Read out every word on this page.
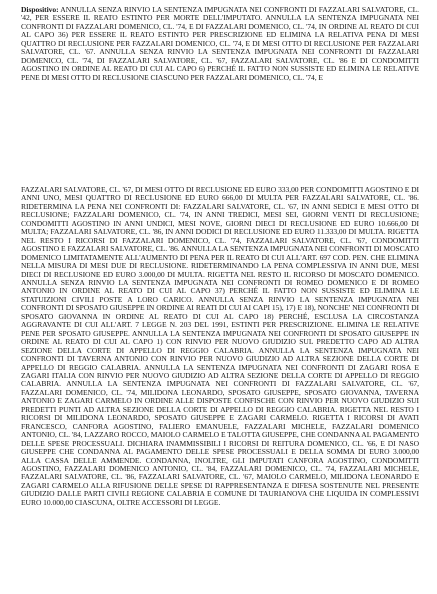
Dispositivo: ANNULLA SENZA RINVIO LA SENTENZA IMPUGNATA NEI CONFRONTI DI FAZZALARI SALVATORE, CL. '42, PER ESSERE IL REATO ESTINTO PER MORTE DELL'IMPUTATO. ANNULLA LA SENTENZA IMPUGNATA NEI CONFRONTI DI FAZZALARI DOMENICO, CL. '74, E DI FAZZALARI DOMENICO, CL. '74, IN ORDINE AL REATO DI CUI AL CAPO 36) PER ESSERE IL REATO ESTINTO PER PRESCRIZIONE ED ELIMINA LA RELATIVA PENA DI MESI QUATTRO DI RECLUSIONE PER FAZZALARI DOMENICO, CL. '74, E DI MESI OTTO DI RECLUSIONE PER FAZZALARI SALVATORE, CL. '67. ANNULLA SENZA RINVIO LA SENTENZA IMPUGNATA NEI CONFRONTI DI FAZZALARI DOMENICO, CL. '74, DI FAZZALARI SALVATORE, CL. '67, FAZZALARI SALVATORE, CL. '86 E DI CONDOMITTI AGOSTINO IN ORDINE AL REATO DI CUI AL CAPO 6) PERCHÉ IL FATTO NON SUSSISTE ED ELIMINA LE RELATIVE PENE DI MESI OTTO DI RECLUSIONE CIASCUNO PER FAZZALARI DOMENICO, CL. '74, E
FAZZALARI SALVATORE, CL. '67, DI MESI OTTO DI RECLUSIONE ED EURO 333,00 PER CONDOMITTI AGOSTINO E DI ANNI UNO, MESI QUATTRO DI RECLUSIONE ED EURO 666,00 DI MULTA PER FAZZALARI SALVATORE, CL. '86. RIDETERMINA LA PENA NEI CONFRONTI DI: FAZZALARI SALVATORE, CL. '67, IN ANNI SEDICI E MESI OTTO DI RECLUSIONE; FAZZALARI DOMENICO, CL. '74, IN ANNI TREDICI, MESI SEI, GIORNI VENTI DI RECLUSIONE; CONDOMITTI AGOSTINO IN ANNI UNDICI, MESI NOVE, GIORNI DIECI DI RECLUSIONE ED EURO 10.666,00 DI MULTA; FAZZALARI SALVATORE, CL. '86, IN ANNI DODICI DI RECLUSIONE ED EURO 11.333,00 DI MULTA. RIGETTA NEL RESTO I RICORSI DI FAZZALARI DOMENICO, CL. '74, FAZZALARI SALVATORE, CL. '67, CONDOMITTI AGOSTINO E FAZZALARI SALVATORE, CL. '86. ANNULLA LA SENTENZA IMPUGNATA NEI CONFRONTI DI MOSCATO DOMENICO LIMITATAMENTE ALL'AUMENTO DI PENA PER IL REATO DI CUI ALL'ART. 697 COD. PEN. CHE ELIMINA NELLA MISURA DI MESI DUE DI RECLUSIONE. RIDETERMINANDO LA PENA COMPLESSIVA IN ANNI DUE, MESI DIECI DI RECLUSIONE ED EURO 3.000,00 DI MULTA. RIGETTA NEL RESTO IL RICORSO DI MOSCATO DOMENICO. ANNULLA SENZA RINVIO LA SENTENZA IMPUGNATA NEI CONFRONTI DI ROMEO DOMENICO E DI ROMEO ANTONIO IN ORDINE AL REATO DI CUI AL CAPO 37) PERCHÉ IL FATTO NON SUSSISTE ED ELIMINA LE STATUIZIONI CIVILI POSTE A LORO CARICO. ANNULLA SENZA RINVIO LA SENTENZA IMPUGNATA NEI CONFRONTI DI SPOSATO GIUSEPPE IN ORDINE AI REATI DI CUI AI CAPI 15), 17) E 18), NONCHE' NEI CONFRONTI DI SPOSATO GIOVANNA IN ORDINE AL REATO DI CUI AL CAPO 18) PERCHÉ, ESCLUSA LA CIRCOSTANZA AGGRAVANTE DI CUI ALL'ART. 7 LEGGE N. 203 DEL 1991, ESTINTI PER PRESCRIZIONE. ELIMINA LE RELATIVE PENE PER SPOSATO GIUSEPPE. ANNULLA LA SENTENZA IMPUGNATA NEI CONFRONTI DI SPOSATO GIUSEPPE IN ORDINE AL REATO DI CUI AL CAPO 1) CON RINVIO PER NUOVO GIUDIZIO SUL PREDETTO CAPO AD ALTRA SEZIONE DELLA CORTE DI APPELLO DI REGGIO CALABRIA. ANNULLA LA SENTENZA IMPUGNATA NEI CONFRONTI DI TAVERNA ANTONIO CON RINVIO PER NUOVO GIUDIZIO AD ALTRA SEZIONE DELLA CORTE DI APPELLO DI REGGIO CALABRIA. ANNULLA LA SENTENZA IMPUGNATA NEI CONFRONTI DI ZAGARI ROSA E ZAGARI ITALIA CON RINVIO PER NUOVO GIUDIZIO AD ALTRA SEZIONE DELLA CORTE DI APPELLO DI REGGIO CALABRIA. ANNULLA LA SENTENZA IMPUGNATA NEI CONFRONTI DI FAZZALARI SALVATORE, CL. '67, FAZZALARI DOMENICO, CL. '74, MILIDONA LEONARDO, SPOSATO GIUSEPPE, SPOSATO GIOVANNA, TAVERNA ANTONIO E ZAGARI CARMELO IN ORDINE ALLE DISPOSTE CONFISCHE CON RINVIO PER NUOVO GIUDIZIO SUI PREDETTI PUNTI AD ALTRA SEZIONE DELLA CORTE DI APPELLO DI REGGIO CALABRIA. RIGETTA NEL RESTO I RICORSI DI MILIDONA LEONARDO, SPOSATO GIUSEPPE E ZAGARI CARMELO. RIGETTA I RICORSI DI AVATI FRANCESCO, CANFORA AGOSTINO, FALIERO EMANUELE, FAZZALARI MICHELE, FAZZALARI DOMENICO ANTONIO, CL. '84, LAZZARO ROCCO, MAIOLO CARMELO E TALOTTA GIUSEPPE, CHE CONDANNA AL PAGAMENTO DELLE SPESE PROCESSUALI. DICHIARA INAMMISSIBILI I RICORSI DI REITURA DOMENICO, CL. '66, E DI NASO GIUSEPPE CHE CONDANNA AL PAGAMENTO DELLE SPESE PROCESSUALI E DELLA SOMMA DI EURO 3.000,00 ALLA CASSA DELLE AMMENDE. CONDANNA, INOLTRE, GLI IMPUTATI CANFORA AGOSTINO, CONDOMITTI AGOSTINO, FAZZALARI DOMENICO ANTONIO, CL. '84, FAZZALARI DOMENICO, CL. '74, FAZZALARI MICHELE, FAZZALARI SALVATORE, CL. '86, FAZZALARI SALVATORE, CL. '67, MAIOLO CARMELO, MILIDONA LEONARDO E ZAGARI CARMELO ALLA RIFUSIONE DELLE SPESE DI RAPPRESENTANZA E DIFESA SOSTENUTE NEL PRESENTE GIUDIZIO DALLE PARTI CIVILI REGIONE CALABRIA E COMUNE DI TAURIANOVA CHE LIQUIDA IN COMPLESSIVI EURO 10.000,00 CIASCUNA, OLTRE ACCESSORI DI LEGGE.
